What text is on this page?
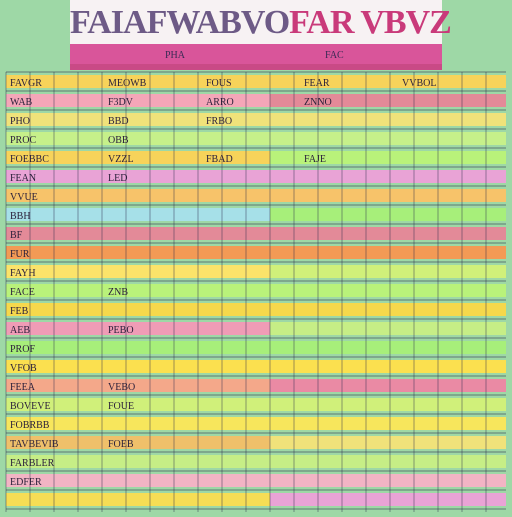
FAVGR	MEOWB	FOUS	FEAR	VVBOL
WAB	F3DV	ARRO	ZNNO
PHO	BBD	FRBO
PROC	OBB
FOEBBC	VZZL	FBAD	FAJE
FEAN	LED
VVUE
BBH
BF
FUR
FAYH
FACE	ZNB
FEB
AEB	PEBO
PROF
VFOB
FEEA	VEBO
BOVEVE	FOUE
FOBRBB
TAVBEVIB	FOEB
FARBLER
EDFER
FAIAFWABVOFAR VBVZ
PHA	FAC
